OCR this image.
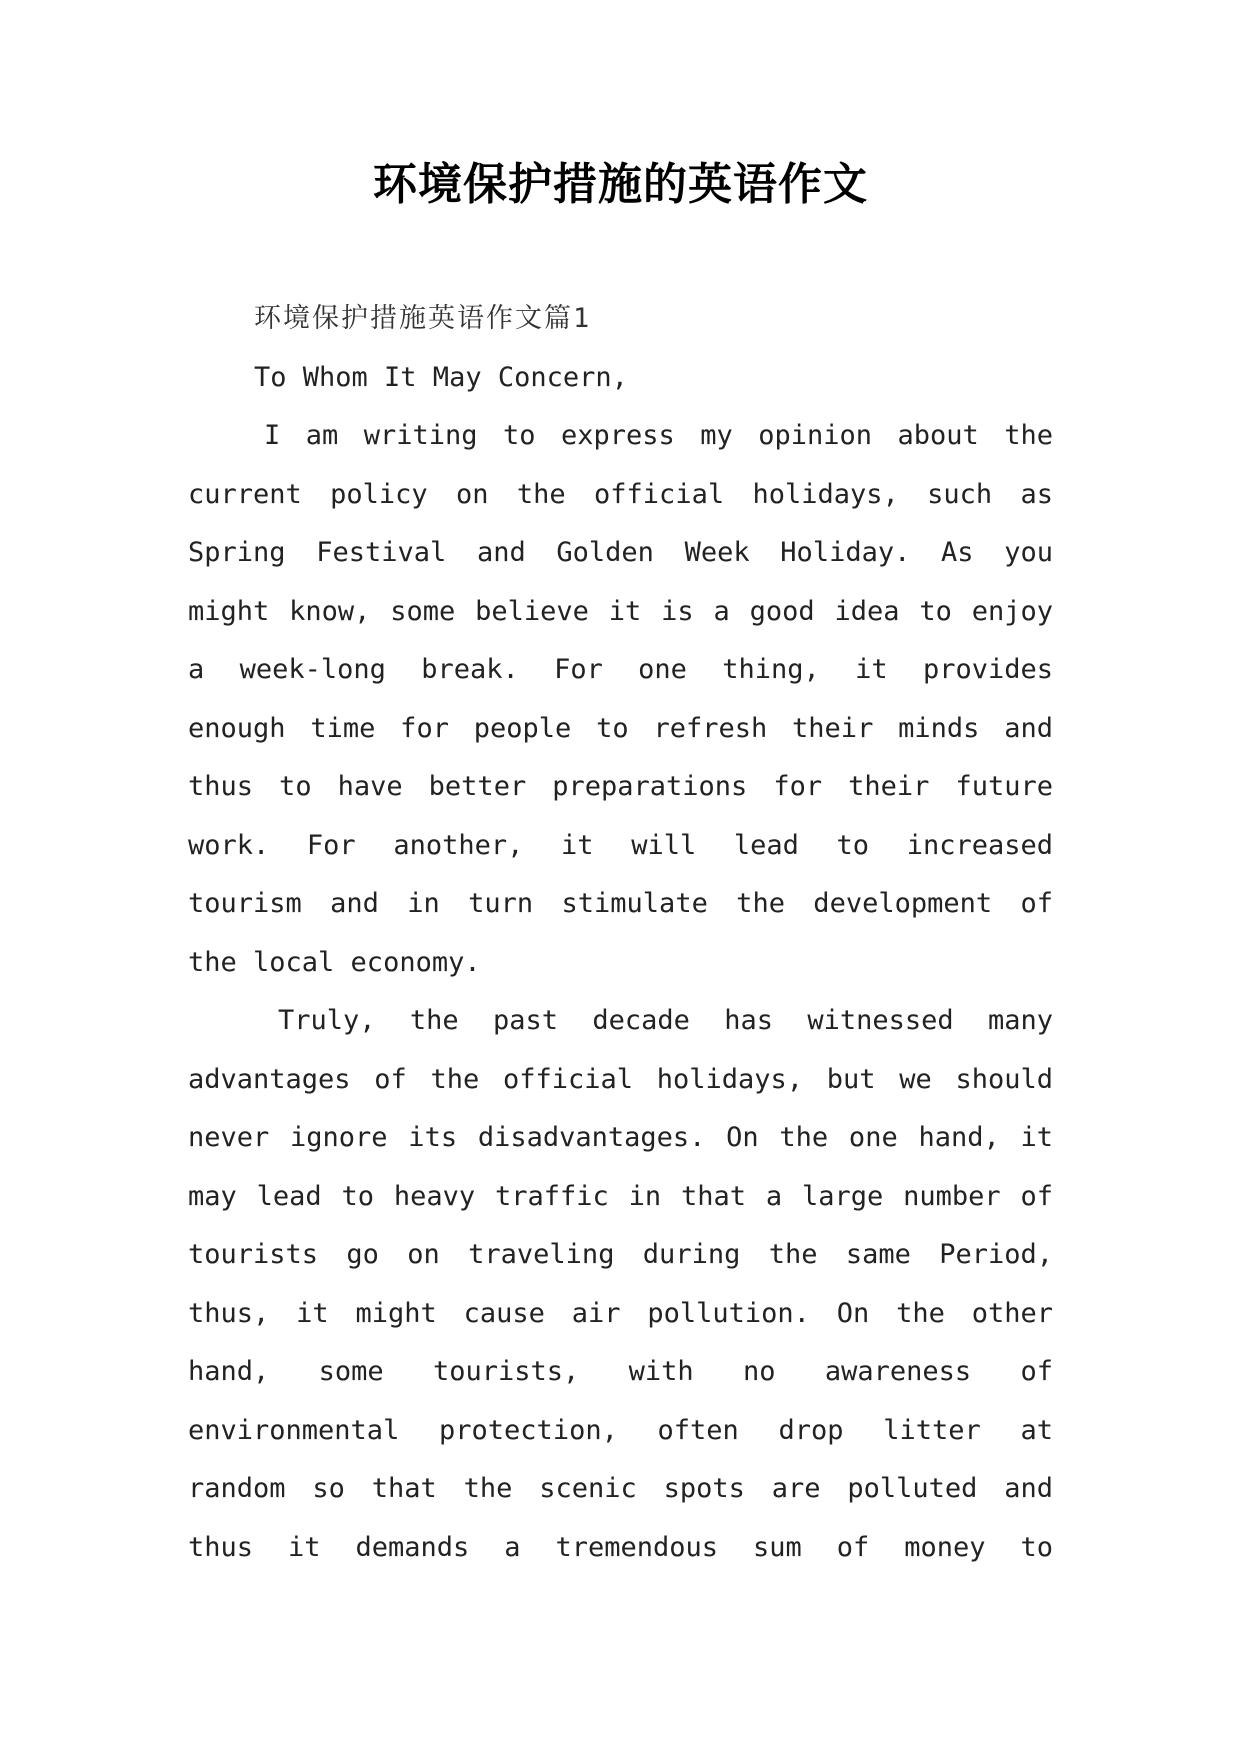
环境保护措施的英语作文
环境保护措施英语作文篇1
To Whom It May Concern,
I am writing to express my opinion about the
current policy on the official holidays, such as
Spring Festival and Golden Week Holiday. As you
might know, some believe it is a good idea to enjoy
a week-long break. For one thing, it provides
enough time for people to refresh their minds and
thus to have better preparations for their future
work. For another, it will lead to increased
tourism and in turn stimulate the development of
the local economy.
Truly, the past decade has witnessed many
advantages of the official holidays, but we should
never ignore its disadvantages. On the one hand, it
may lead to heavy traffic in that a large number of
tourists go on traveling during the same Period,
thus, it might cause air pollution. On the other
hand, some tourists, with no awareness of
environmental protection, often drop litter at
random so that the scenic spots are polluted and
thus it demands a tremendous sum of money to
